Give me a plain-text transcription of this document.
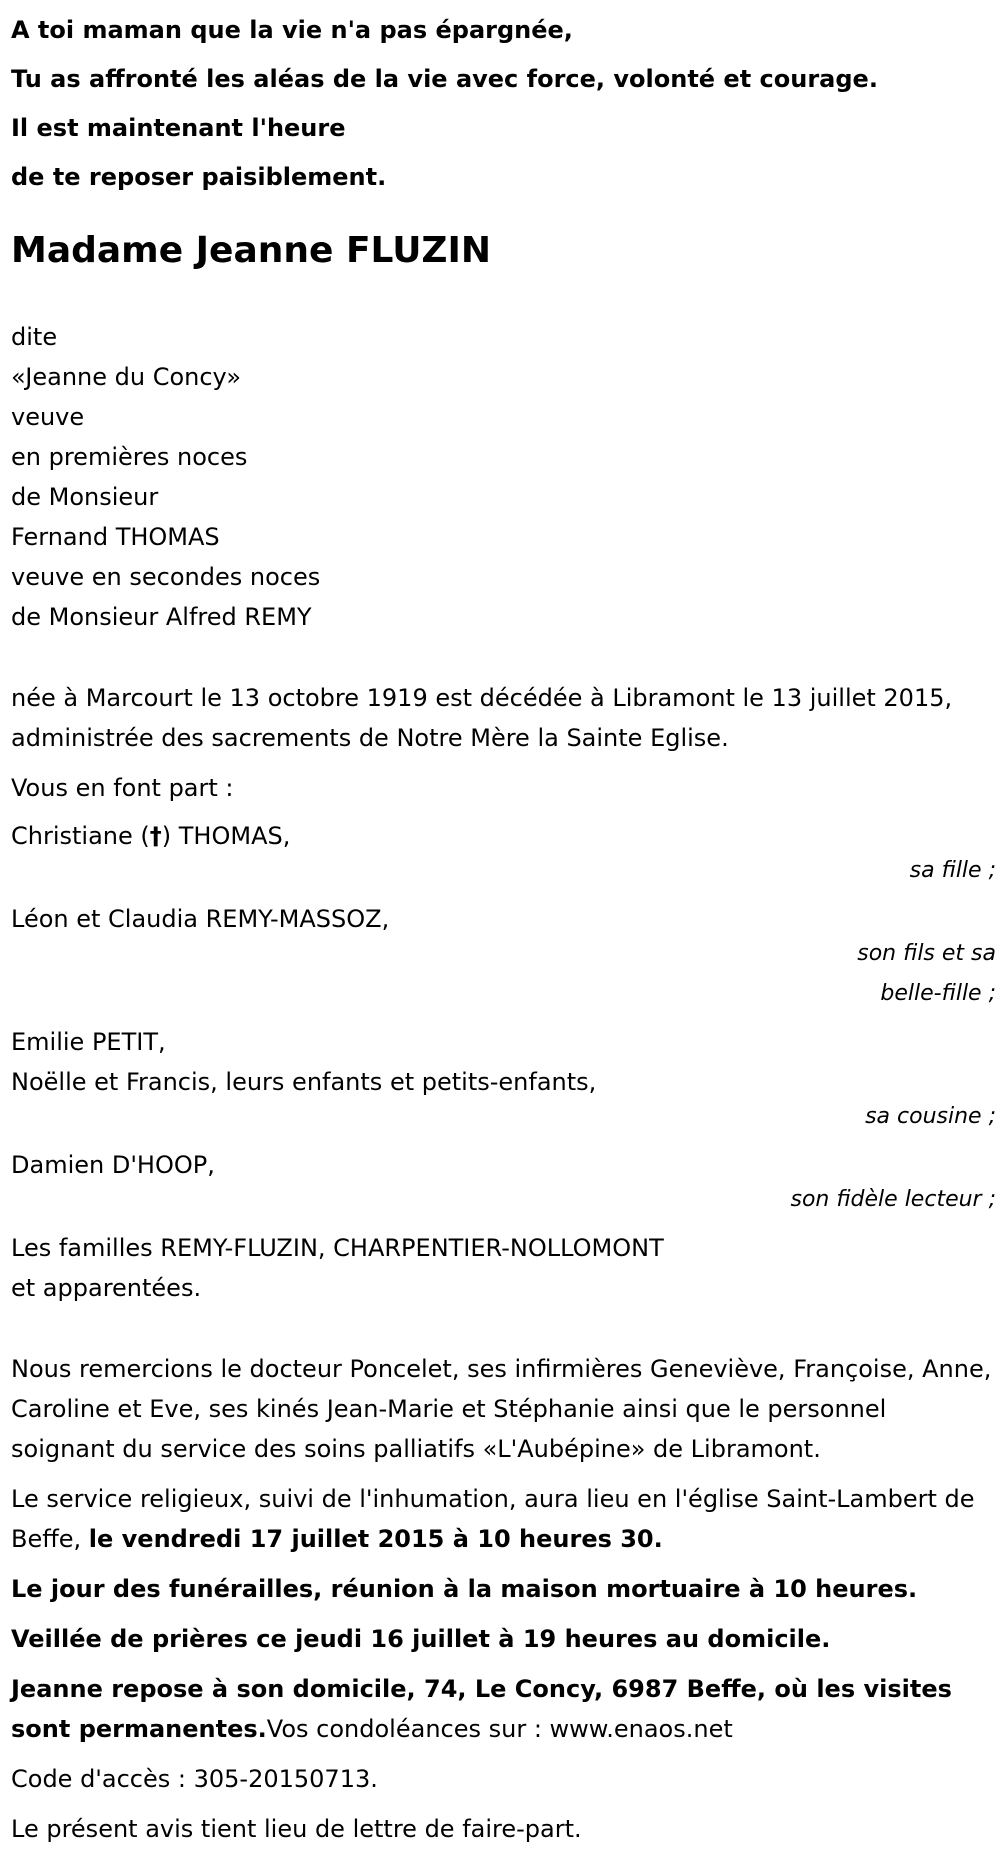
A toi maman que la vie n'a pas épargnée,
Tu as affronté les aléas de la vie avec force, volonté et courage.
Il est maintenant l'heure
de te reposer paisiblement.
Madame Jeanne FLUZIN
dite
«Jeanne du Concy»
veuve
en premières noces
de Monsieur
Fernand THOMAS
veuve en secondes noces
de Monsieur Alfred REMY
née à Marcourt le 13 octobre 1919 est décédée à Libramont le 13 juillet 2015, administrée des sacrements de Notre Mère la Sainte Eglise.
Vous en font part :
Christiane (†) THOMAS,
sa fille ;
Léon et Claudia REMY-MASSOZ,
son fils et sa
belle-fille ;
Emilie PETIT,
Noëlle et Francis, leurs enfants et petits-enfants,
sa cousine ;
Damien D'HOOP,
son fidèle lecteur ;
Les familles REMY-FLUZIN, CHARPENTIER-NOLLOMONT
et apparentées.
Nous remercions le docteur Poncelet, ses infirmières Geneviève, Françoise, Anne, Caroline et Eve, ses kinés Jean-Marie et Stéphanie ainsi que le personnel soignant du service des soins palliatifs «L'Aubépine» de Libramont.
Le service religieux, suivi de l'inhumation, aura lieu en l'église Saint-Lambert de Beffe, le vendredi 17 juillet 2015 à 10 heures 30.
Le jour des funérailles, réunion à la maison mortuaire à 10 heures.
Veillée de prières ce jeudi 16 juillet à 19 heures au domicile.
Jeanne repose à son domicile, 74, Le Concy, 6987 Beffe, où les visites sont permanentes.Vos condoléances sur : www.enaos.net
Code d'accès : 305-20150713.
Le présent avis tient lieu de lettre de faire-part.
